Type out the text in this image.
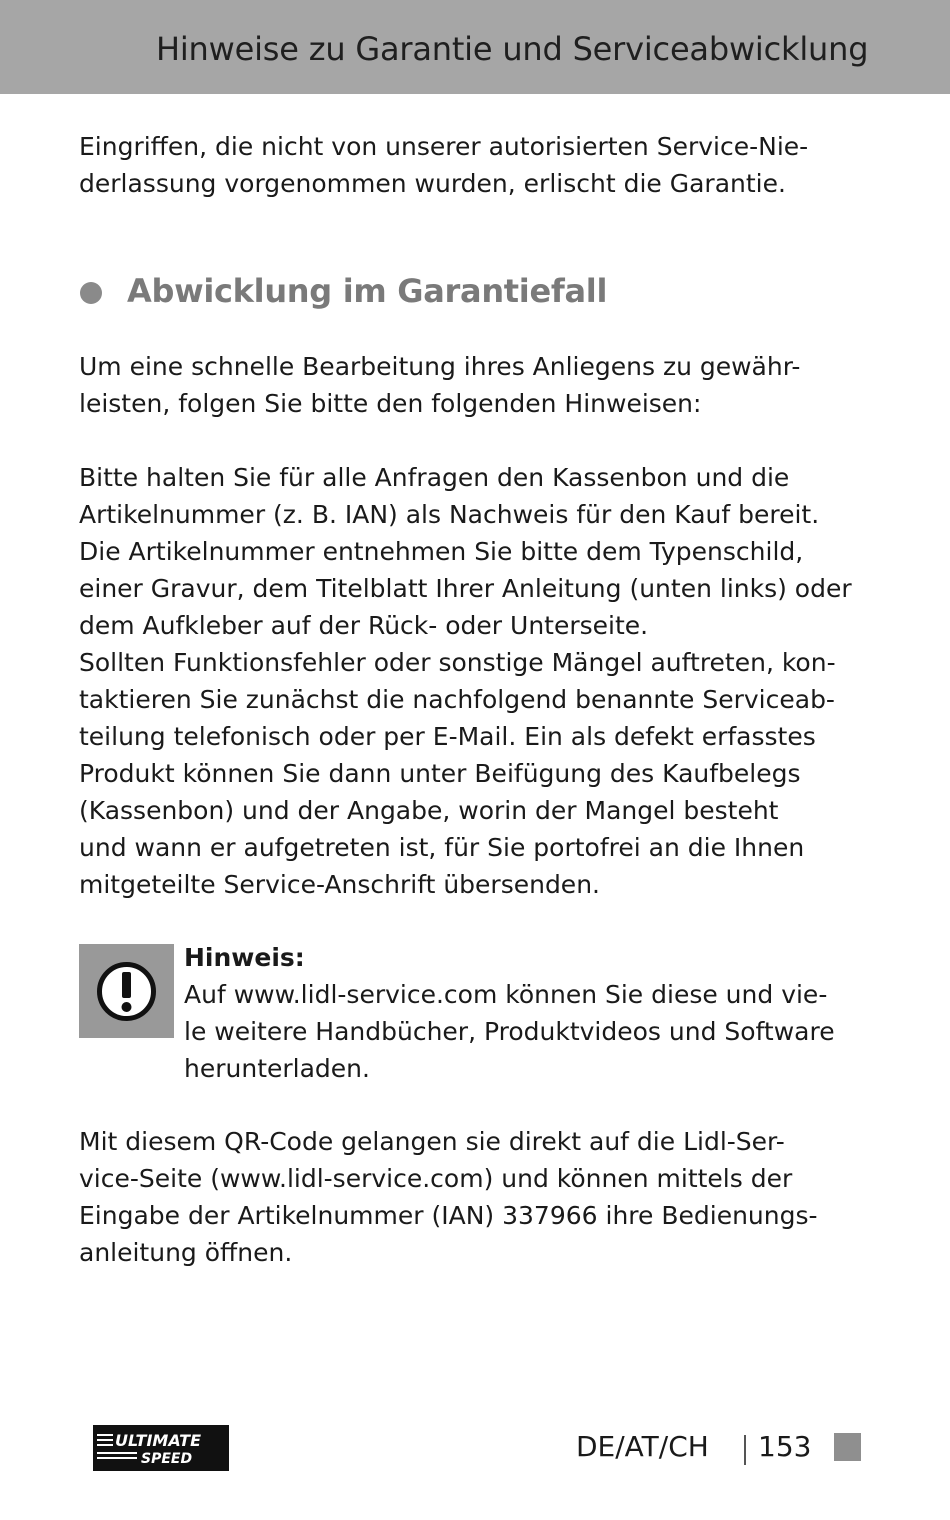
Hinweise zu Garantie und Serviceabwicklung
Eingriffen, die nicht von unserer autorisierten Service-Nie-
derlassung vorgenommen wurden, erlischt die Garantie.
Abwicklung im Garantiefall
Um eine schnelle Bearbeitung ihres Anliegens zu gewähr-
leisten, folgen Sie bitte den folgenden Hinweisen:
Bitte halten Sie für alle Anfragen den Kassenbon und die
Artikelnummer (z. B. IAN) als Nachweis für den Kauf bereit.
Die Artikelnummer entnehmen Sie bitte dem Typenschild,
einer Gravur, dem Titelblatt Ihrer Anleitung (unten links) oder
dem Aufkleber auf der Rück- oder Unterseite.
Sollten Funktionsfehler oder sonstige Mängel auftreten, kon-
taktieren Sie zunächst die nachfolgend benannte Serviceab-
teilung telefonisch oder per E-Mail. Ein als defekt erfasstes
Produkt können Sie dann unter Beifügung des Kaufbelegs
(Kassenbon) und der Angabe, worin der Mangel besteht
und wann er aufgetreten ist, für Sie portofrei an die Ihnen
mitgeteilte Service-Anschrift übersenden.
Hinweis:
Auf www.lidl-service.com können Sie diese und vie-
le weitere Handbücher, Produktvideos und Software
herunterladen.
Mit diesem QR-Code gelangen sie direkt auf die Lidl-Ser-
vice-Seite (www.lidl-service.com) und können mittels der
Eingabe der Artikelnummer (IAN) 337966 ihre Bedienungs-
anleitung öffnen.
ULTIMATE
SPEED	DE/AT/CH 153
